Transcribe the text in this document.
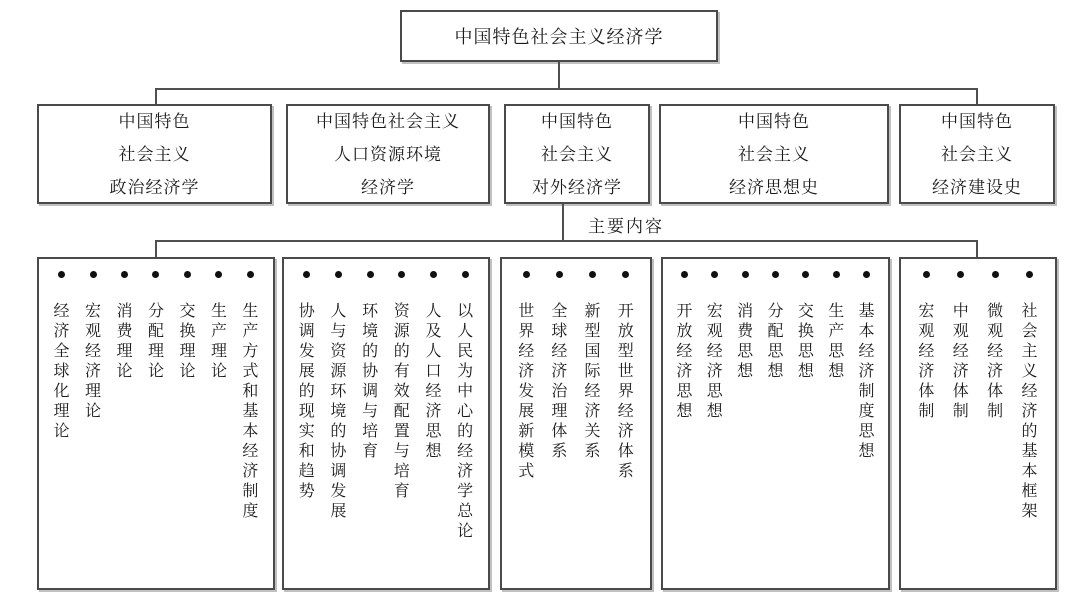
中国特色社会主义经济学
中国特色
社会主义
政治经济学
中国特色社会主义
人口资源环境
经济学
中国特色
社会主义
对外经济学
中国特色
社会主义
经济思想史
中国特色
社会主义
经济建设史
主要内容
生产方式和基本经济制度
生产理论
交换理论
分配理论
消费理论
宏观经济理论
经济全球化理论
以人民为中心的经济学总论
人及人口经济思想
资源的有效配置与培育
环境的协调与培育
人与资源环境的协调发展
协调发展的现实和趋势
开放型世界经济体系
新型国际经济关系
全球经济治理体系
世界经济发展新模式
基本经济制度思想
生产思想
交换思想
分配思想
消费思想
宏观经济思想
开放经济思想
社会主义经济的基本框架
微观经济体制
中观经济体制
宏观经济体制
